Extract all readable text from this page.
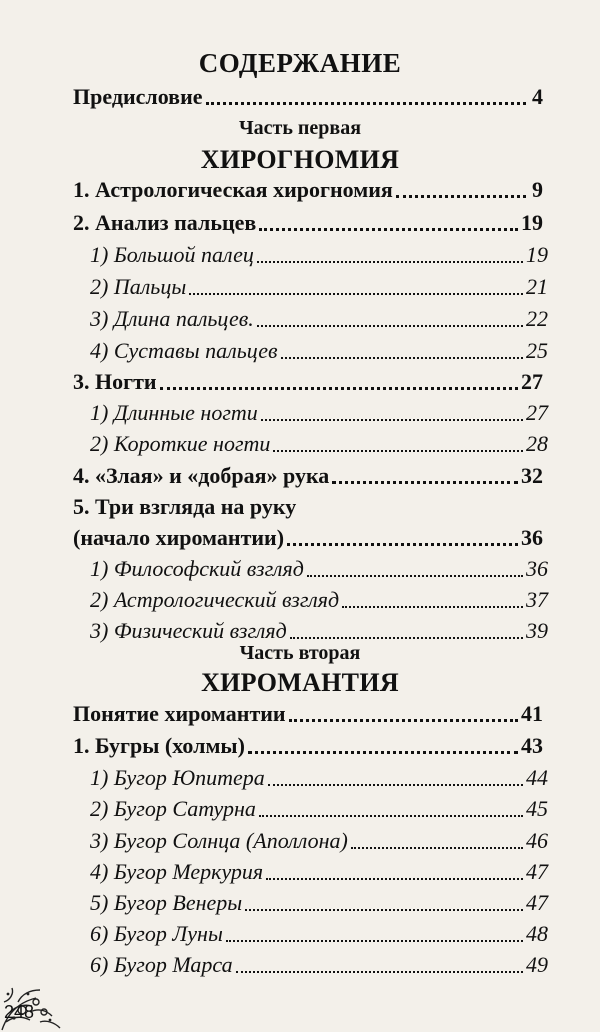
СОДЕРЖАНИЕ
Предисловие	4
Часть первая
ХИРОГНОМИЯ
1. Астрологическая хирогномия	9
2. Анализ пальцев	19
1) Большой палец	19
2) Пальцы	21
3) Длина пальцев.	22
4) Суставы пальцев	25
3. Ногти	27
1) Длинные ногти	27
2) Короткие ногти	28
4. «Злая» и «добрая» рука	32
5. Три взгляда на руку
(начало хиромантии)	36
1) Философский взгляд	36
2) Астрологический взгляд	37
3) Физический взгляд	39
Часть вторая
ХИРОМАНТИЯ
Понятие хиромантии	41
1. Бугры (холмы)	43
1) Бугор Юпитера	44
2) Бугор Сатурна	45
3) Бугор Солнца (Аполлона)	46
4) Бугор Меркурия	47
5) Бугор Венеры	47
6) Бугор Луны	48
6) Бугор Марса	49
248
